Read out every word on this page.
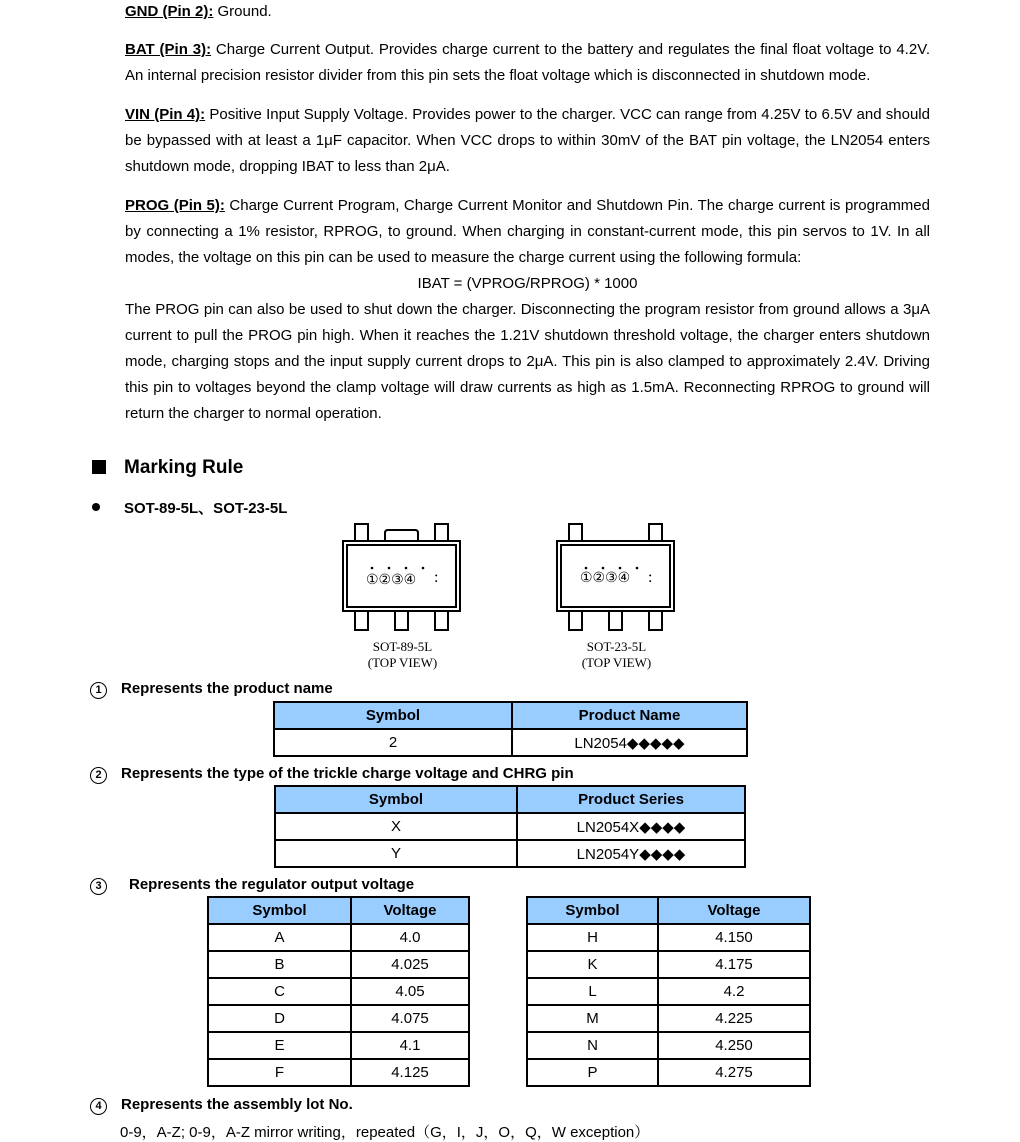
GND (Pin 2): Ground.
BAT (Pin 3): Charge Current Output. Provides charge current to the battery and regulates the final float voltage to 4.2V. An internal precision resistor divider from this pin sets the float voltage which is disconnected in shutdown mode.
VIN (Pin 4): Positive Input Supply Voltage. Provides power to the charger. VCC can range from 4.25V to 6.5V and should be bypassed with at least a 1μF capacitor. When VCC drops to within 30mV of the BAT pin voltage, the LN2054 enters shutdown mode, dropping IBAT to less than 2μA.
PROG (Pin 5): Charge Current Program, Charge Current Monitor and Shutdown Pin. The charge current is programmed by connecting a 1% resistor, RPROG, to ground. When charging in constant-current mode, this pin servos to 1V. In all modes, the voltage on this pin can be used to measure the charge current using the following formula:
IBAT = (VPROG/RPROG) * 1000
The PROG pin can also be used to shut down the charger. Disconnecting the program resistor from ground allows a 3μA current to pull the PROG pin high. When it reaches the 1.21V shutdown threshold voltage, the charger enters shutdown mode, charging stops and the input supply current drops to 2μA. This pin is also clamped to approximately 2.4V. Driving this pin to voltages beyond the clamp voltage will draw currents as high as 1.5mA. Reconnecting RPROG to ground will return the charger to normal operation.
Marking Rule
SOT-89-5L、SOT-23-5L
①②③④ :
SOT-89-5L
(TOP VIEW)
①②③④ :
SOT-23-5L
(TOP VIEW)
1 Represents the product name
Symbol	Product Name
2	LN2054◆◆◆◆◆
2 Represents the type of the trickle charge voltage and CHRG pin
Symbol	Product Series
X	LN2054X◆◆◆◆
Y	LN2054Y◆◆◆◆
3 Represents the regulator output voltage
Symbol	Voltage
A	4.0
B	4.025
C	4.05
D	4.075
E	4.1
F	4.125
Symbol	Voltage
H	4.150
K	4.175
L	4.2
M	4.225
N	4.250
P	4.275
4 Represents the assembly lot No.
0-9，A-Z; 0-9，A-Z mirror writing，repeated（G，I，J，O，Q，W exception）
